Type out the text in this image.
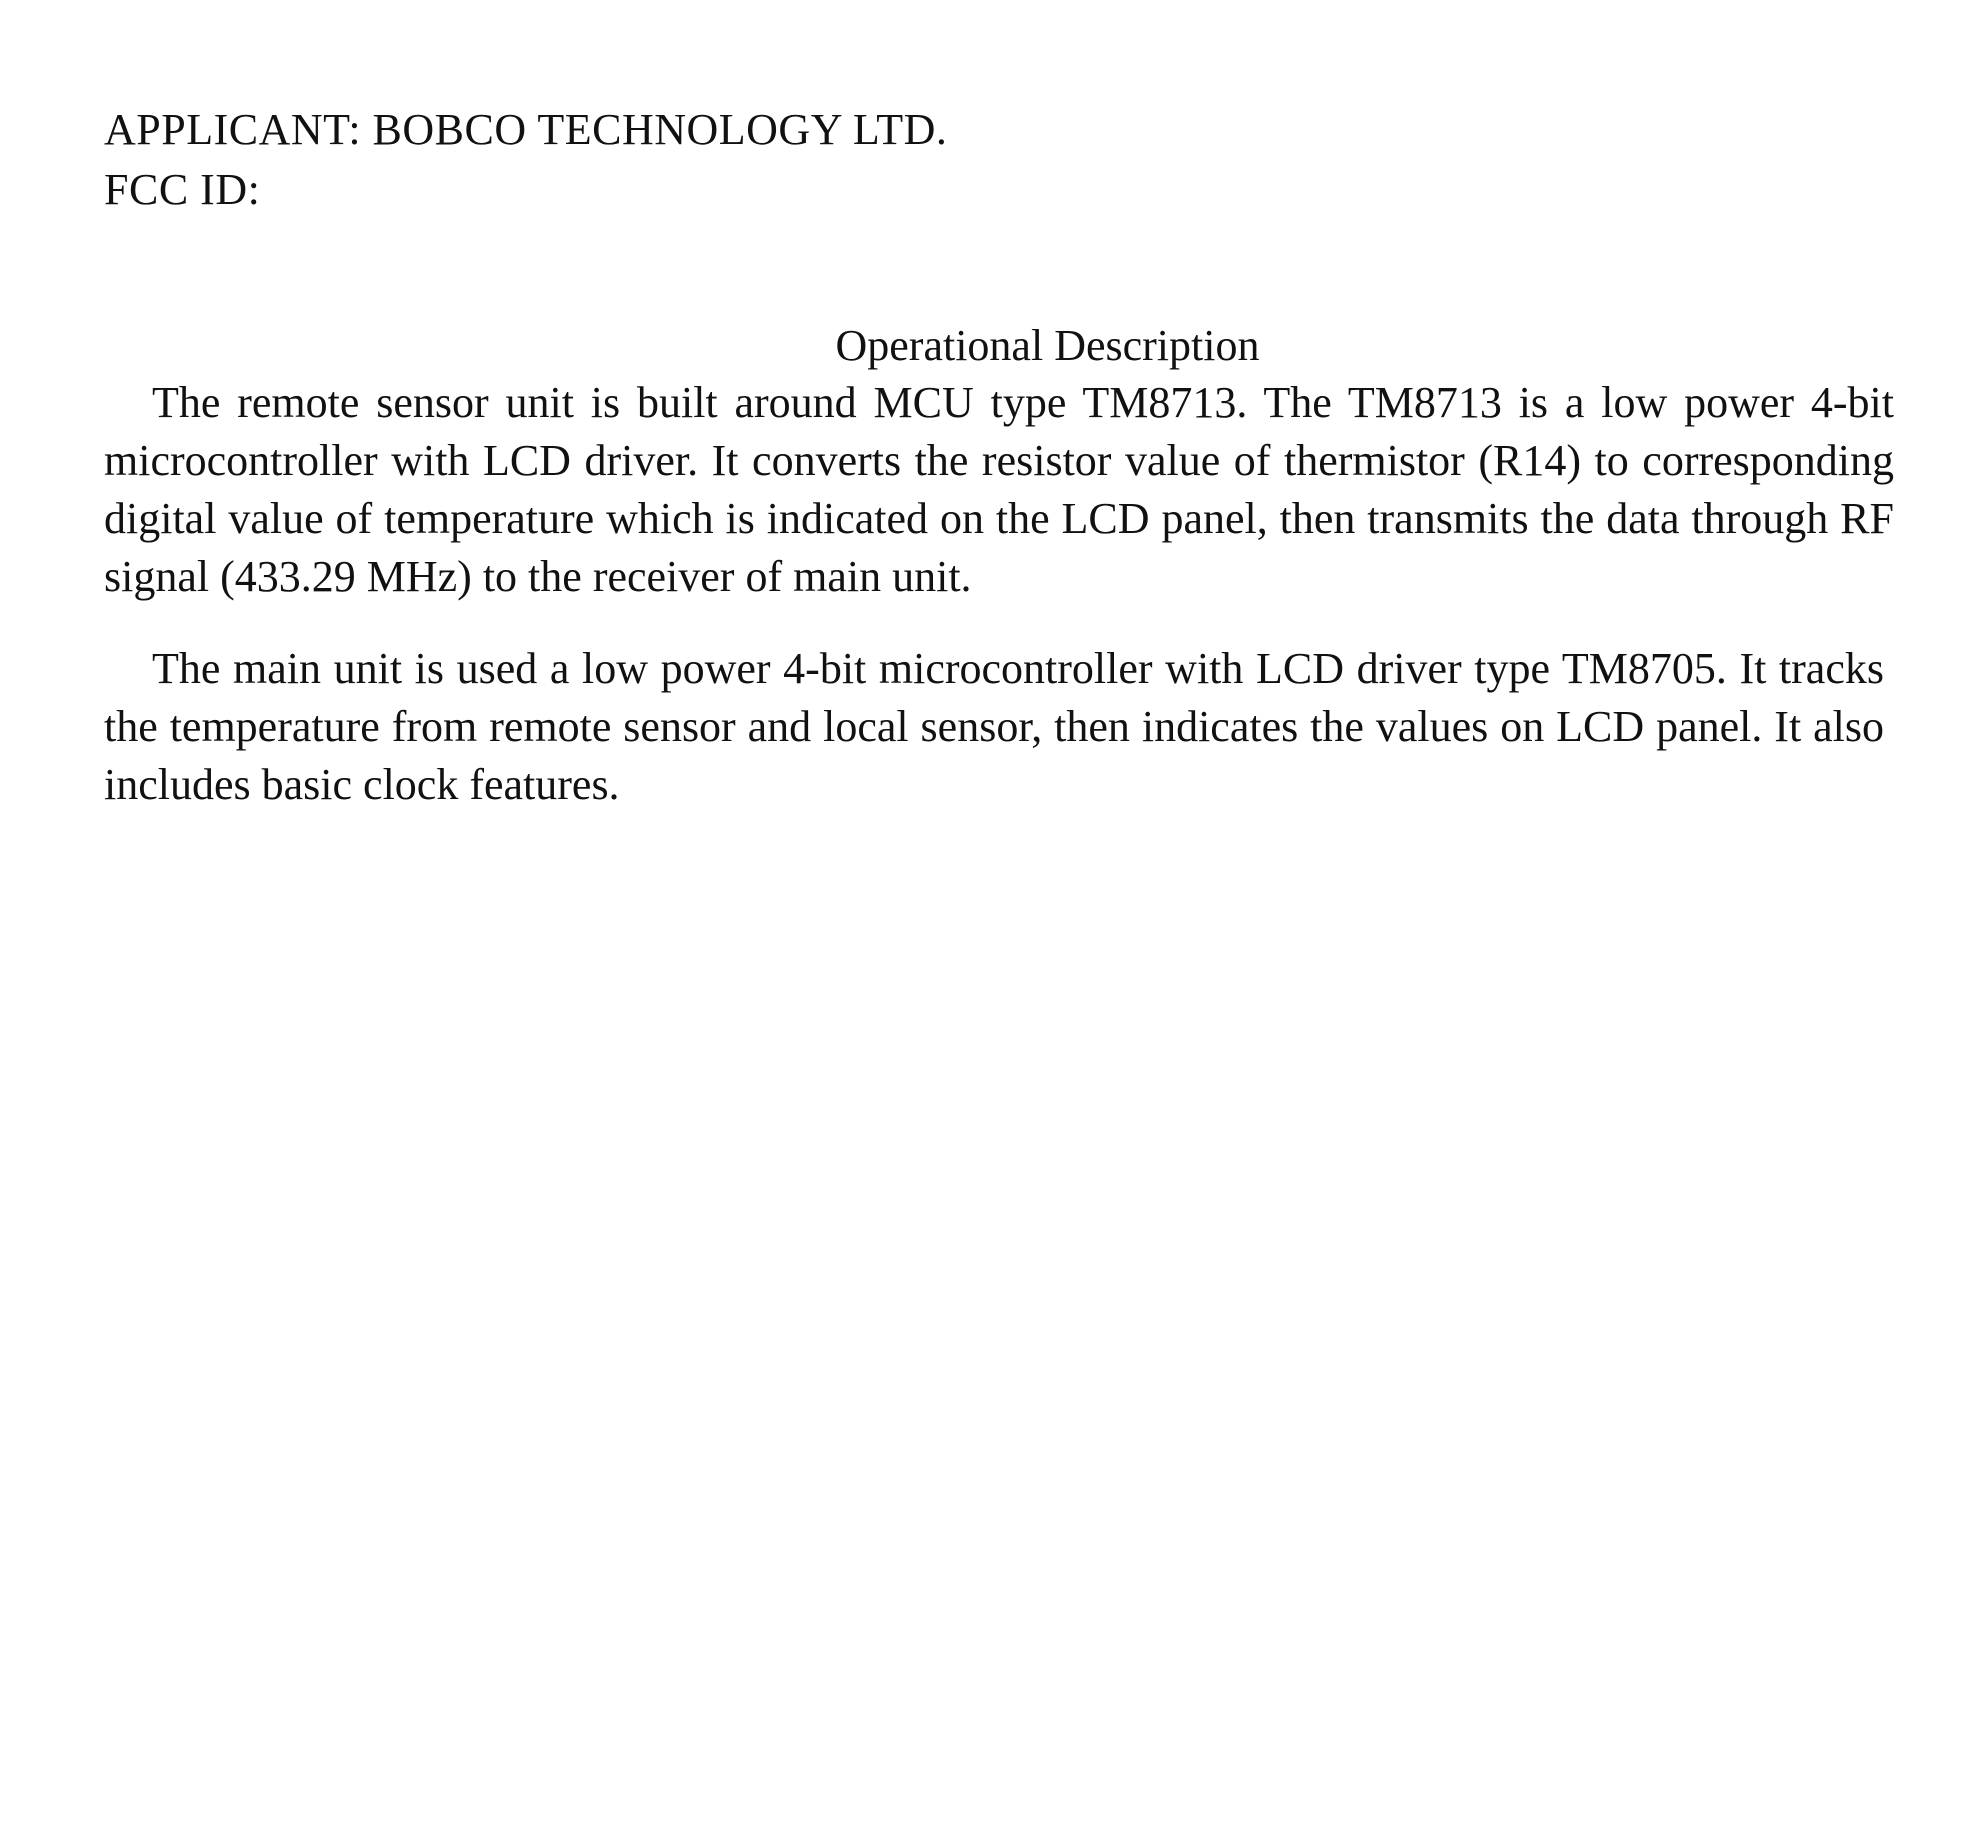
APPLICANT: BOBCO TECHNOLOGY LTD.
FCC ID:
Operational Description

The remote sensor unit is built around MCU type TM8713. The TM8713 is a low power 4-bit microcontroller with LCD driver. It converts the resistor value of thermistor (R14) to corresponding digital value of temperature which is indicated on the LCD panel, then transmits the data through RF signal (433.29 MHz) to the receiver of main unit.

The main unit is used a low power 4-bit microcontroller with LCD driver type TM8705. It tracks the temperature from remote sensor and local sensor, then indicates the values on LCD panel. It also includes basic clock features.
